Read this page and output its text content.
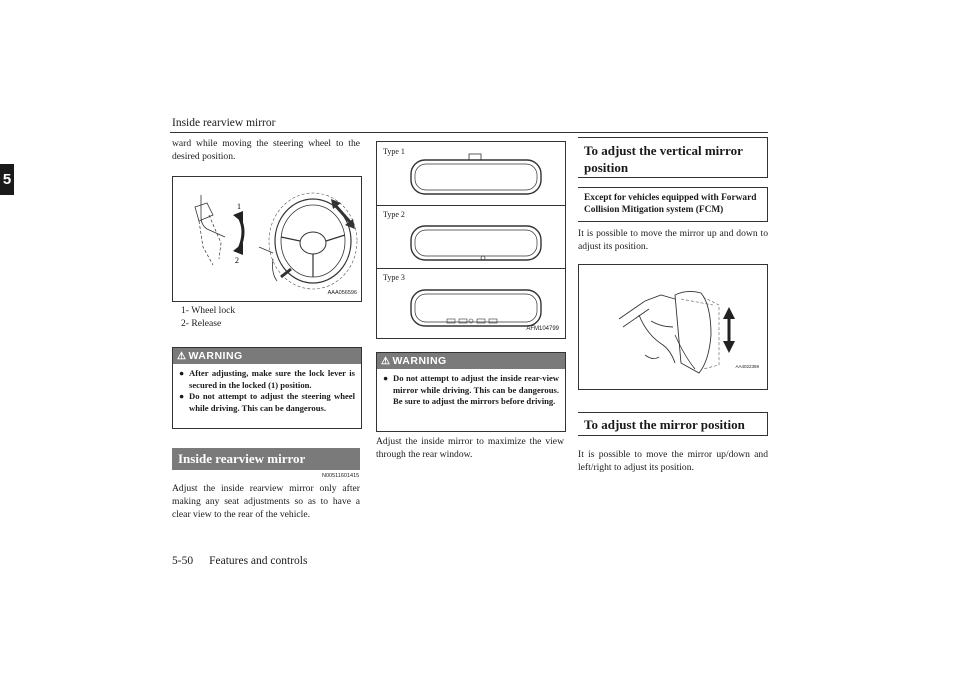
Inside rearview mirror
5
ward while moving the steering wheel to the desired position.
1
2
AAA056596
1- Wheel lock
2- Release
⚠ WARNING
● After adjusting, make sure the lock lever is secured in the locked (1) position.
● Do not attempt to adjust the steering wheel while driving. This can be dangerous.
Inside rearview mirror
N00511601415
Adjust the inside rearview mirror only after making any seat adjustments so as to have a clear view to the rear of the vehicle.
Type 1
Type 2
Type 3
AFM104799
⚠ WARNING
● Do not attempt to adjust the inside rear-view mirror while driving. This can be dangerous. Be sure to adjust the mirrors before driving.
Adjust the inside mirror to maximize the view through the rear window.
To adjust the vertical mirror position
Except for vehicles equipped with Forward Collision Mitigation system (FCM)
It is possible to move the mirror up and down to adjust its position.
AA4022369
To adjust the mirror position
It is possible to move the mirror up/down and left/right to adjust its position.
5-50 Features and controls
